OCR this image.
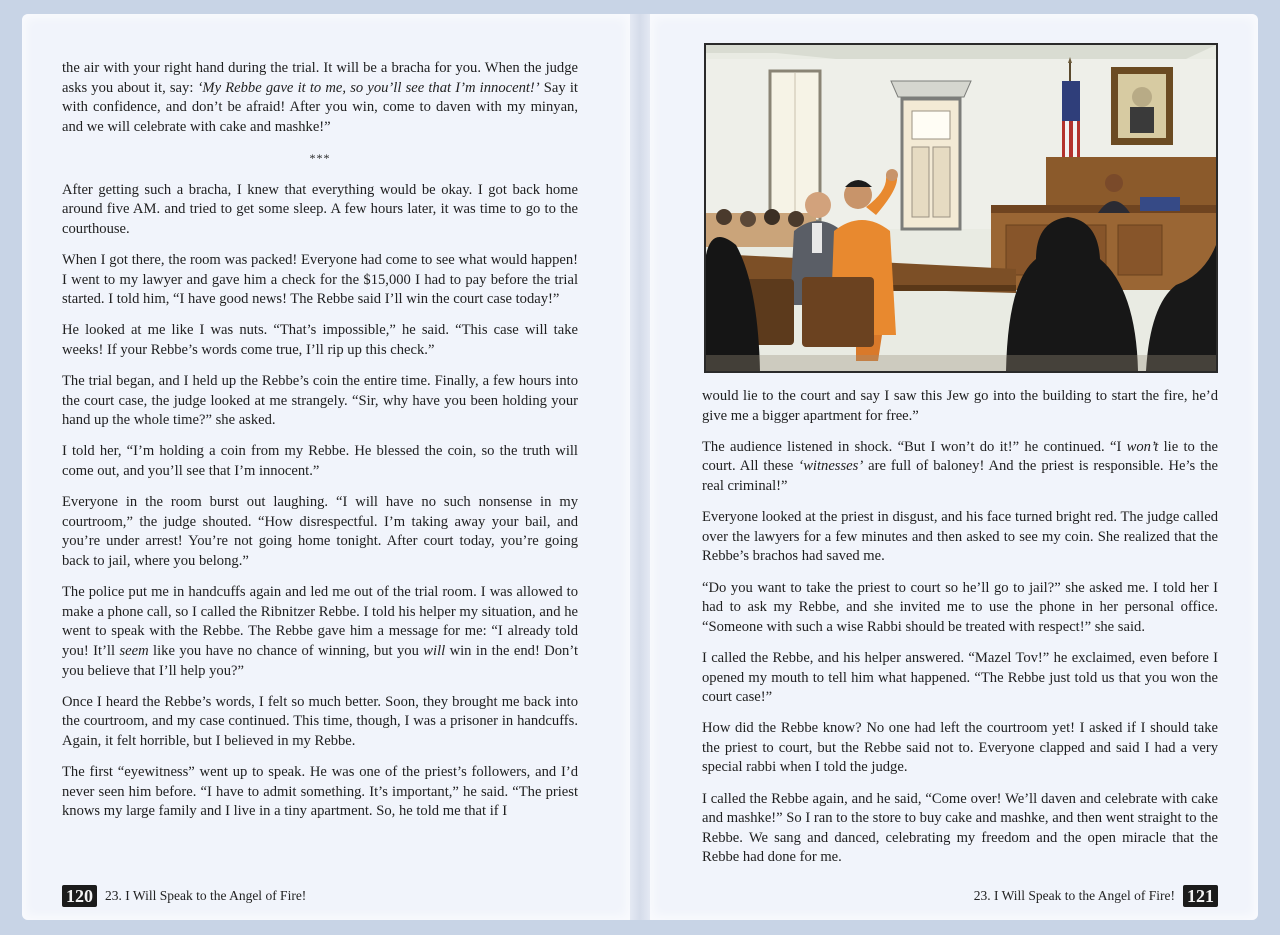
the air with your right hand during the trial. It will be a bracha for you. When the judge asks you about it, say: ‘My Rebbe gave it to me, so you’ll see that I’m innocent!’ Say it with confidence, and don’t be afraid! After you win, come to daven with my minyan, and we will celebrate with cake and mashke!”

***

After getting such a bracha, I knew that everything would be okay. I got back home around five AM. and tried to get some sleep. A few hours later, it was time to go to the courthouse.

When I got there, the room was packed! Everyone had come to see what would happen! I went to my lawyer and gave him a check for the $15,000 I had to pay before the trial started. I told him, “I have good news! The Rebbe said I’ll win the court case today!”

He looked at me like I was nuts. “That’s impossible,” he said. “This case will take weeks! If your Rebbe’s words come true, I’ll rip up this check.”

The trial began, and I held up the Rebbe’s coin the entire time. Finally, a few hours into the court case, the judge looked at me strangely. “Sir, why have you been holding your hand up the whole time?” she asked.

I told her, “I’m holding a coin from my Rebbe. He blessed the coin, so the truth will come out, and you’ll see that I’m innocent.”

Everyone in the room burst out laughing. “I will have no such nonsense in my courtroom,” the judge shouted. “How disrespectful. I’m taking away your bail, and you’re under arrest! You’re not going home tonight. After court today, you’re going back to jail, where you belong.”

The police put me in handcuffs again and led me out of the trial room. I was allowed to make a phone call, so I called the Ribnitzer Rebbe. I told his helper my situation, and he went to speak with the Rebbe. The Rebbe gave him a message for me: “I already told you! It’ll seem like you have no chance of winning, but you will win in the end! Don’t you believe that I’ll help you?”

Once I heard the Rebbe’s words, I felt so much better. Soon, they brought me back into the courtroom, and my case continued. This time, though, I was a prisoner in handcuffs. Again, it felt horrible, but I believed in my Rebbe.

The first “eyewitness” went up to speak. He was one of the priest’s followers, and I’d never seen him before. “I have to admit something. It’s important,” he said. “The priest knows my large family and I live in a tiny apartment. So, he told me that if I

would lie to the court and say I saw this Jew go into the building to start the fire, he’d give me a bigger apartment for free.”

The audience listened in shock. “But I won’t do it!” he continued. “I won’t lie to the court. All these ‘witnesses’ are full of baloney! And the priest is responsible. He’s the real criminal!”

Everyone looked at the priest in disgust, and his face turned bright red. The judge called over the lawyers for a few minutes and then asked to see my coin. She realized that the Rebbe’s brachos had saved me.

“Do you want to take the priest to court so he’ll go to jail?” she asked me. I told her I had to ask my Rebbe, and she invited me to use the phone in her personal office. “Someone with such a wise Rabbi should be treated with respect!” she said.

I called the Rebbe, and his helper answered. “Mazel Tov!” he exclaimed, even before I opened my mouth to tell him what happened. “The Rebbe just told us that you won the court case!”

How did the Rebbe know? No one had left the courtroom yet! I asked if I should take the priest to court, but the Rebbe said not to. Everyone clapped and said I had a very special rabbi when I told the judge.

I called the Rebbe again, and he said, “Come over! We’ll daven and celebrate with cake and mashke!” So I ran to the store to buy cake and mashke, and then went straight to the Rebbe. We sang and danced, celebrating my freedom and the open miracle that the Rebbe had done for me.

120 23. I Will Speak to the Angel of Fire!	23. I Will Speak to the Angel of Fire! 121
